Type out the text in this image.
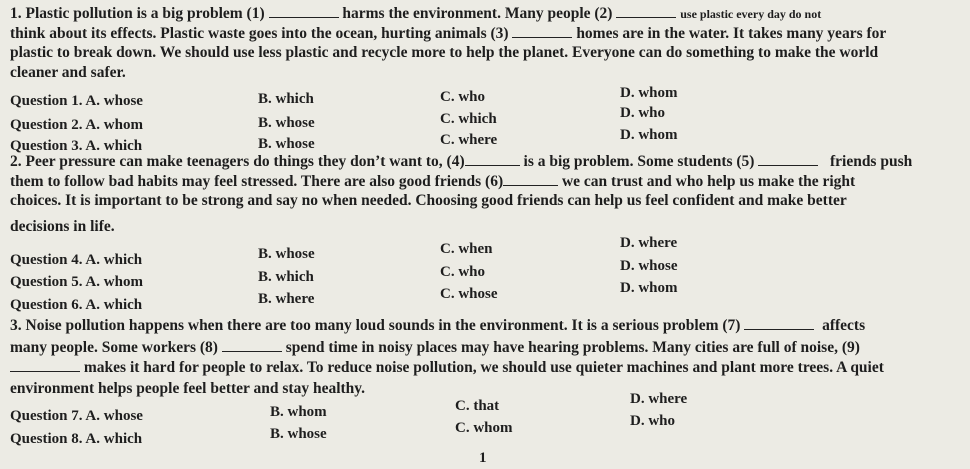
1. Plastic pollution is a big problem (1)	harms the environment. Many people (2)	use plastic every day do not
think about its effects. Plastic waste goes into the ocean, hurting animals (3)	homes are in the water. It takes many years for
plastic to break down. We should use less plastic and recycle more to help the planet. Everyone can do something to make the world
cleaner and safer.
Question 1. A. whose	B. which	C. who	D. whom
Question 2. A. whom	B. whose	C. which	D. who
Question 3. A. which	B. whose	C. where	D. whom
2. Peer pressure can make teenagers do things they don’t want to, (4)	is a big problem. Some students (5)	friends push
them to follow bad habits may feel stressed. There are also good friends (6)	we can trust and who help us make the right
choices. It is important to be strong and say no when needed. Choosing good friends can help us feel confident and make better
decisions in life.
Question 4. A. which	B. whose	C. when	D. where
Question 5. A. whom	B. which	C. who	D. whose
Question 6. A. which	B. where	C. whose	D. whom
3. Noise pollution happens when there are too many loud sounds in the environment. It is a serious problem (7)	affects
many people. Some workers (8)	spend time in noisy places may have hearing problems. Many cities are full of noise, (9)
makes it hard for people to relax. To reduce noise pollution, we should use quieter machines and plant more trees. A quiet
environment helps people feel better and stay healthy.
Question 7. A. whose	B. whom	C. that	D. where
Question 8. A. which	B. whose	C. whom	D. who
1
